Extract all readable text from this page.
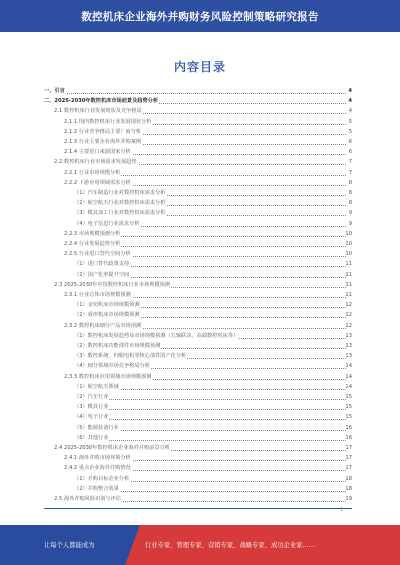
数控机床企业海外并购财务风险控制策略研究报告
内容目录
一、引言	4
二、2025-2030年数控机床市场前景及趋势分析	4
2.1 数控机床行业发展现状及竞争格局	4
2.1.1 国内数控机床行业发展现状分析	5
2.1.2 行业竞争格局主要厂商分析	5
2.1.3 行业主要企业海外并购案例	6
2.1.4 主要进口来源国家分析	6
2.2 数控机床行业市场需求发展趋势	7
2.2.1 行业市场规模分析	7
2.2.2 下游应用领域需求分析	8
（1）汽车制造行业对数控机床需求分析	8
（2）航空航天行业对数控机床需求分析	8
（3）模具加工行业对数控机床需求分析	9
（4）电子信息行业需求分析	9
2.2.3 市场规模预测分析	10
2.2.4 行业发展趋势分析	10
2.2.5 行业进口替代空间分析	10
（1）进口替代政策支持	11
（2）国产化率提升空间	11
2.3 2025-2030年中国数控机床行业市场规模预测	11
2.3.1 行业总体市场规模预测	11
（1）金切机床市场规模预测	12
（2）成形机床市场规模预测	12
2.3.2 数控机床细分产品市场预测	12
（1）数控机床发展趋势及市场规模预测（五轴联动、高端数控机床等）	13
（2）数控机床功能部件市场规模预测	13
（3）数控系统、伺服电机等核心部件国产化分析	13
（4）细分领域市场竞争格局分析	14
2.3.3 数控机床应用领域市场规模预测	14
（1）航空航天领域	14
（2）汽车行业	15
（3）模具行业	15
（4）电子行业	15
（5）能源装备行业	16
（6）其他行业	16
2.4 2025-2030年数控机床企业海外并购前景分析	17
2.4.1 海外并购市场环境分析	17
2.4.2 重点企业海外并购情况	17
（1）并购目标企业分析	18
（2）并购整合效果	18
2.5 海外并购风险识别与评估	19
1
让每个人都能成为	行业专家、管理专家、营销专家、战略专家、成功企业家……
